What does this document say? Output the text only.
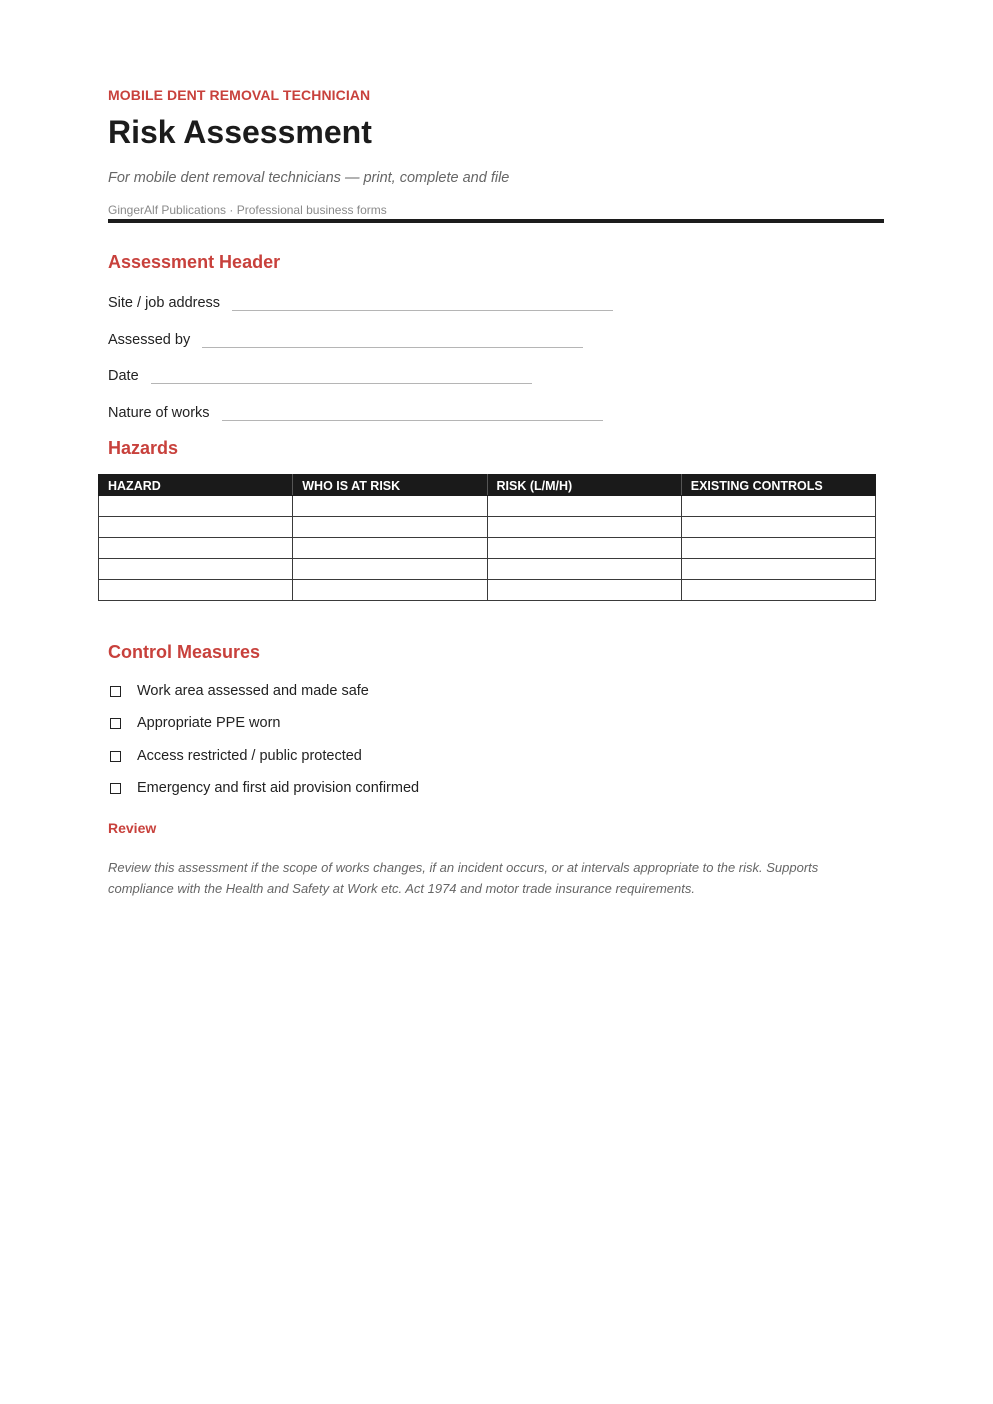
MOBILE DENT REMOVAL TECHNICIAN
Risk Assessment
For mobile dent removal technicians — print, complete and file
GingerAlf Publications · Professional business forms
Assessment Header
Site / job address
Assessed by
Date
Nature of works
Hazards
HAZARD	WHO IS AT RISK	RISK (L/M/H)	EXISTING CONTROLS

Control Measures
Work area assessed and made safe
Appropriate PPE worn
Access restricted / public protected
Emergency and first aid provision confirmed
Review

Review this assessment if the scope of works changes, if an incident occurs, or at intervals appropriate to the risk. Supports compliance with the Health and Safety at Work etc. Act 1974 and motor trade insurance requirements.
